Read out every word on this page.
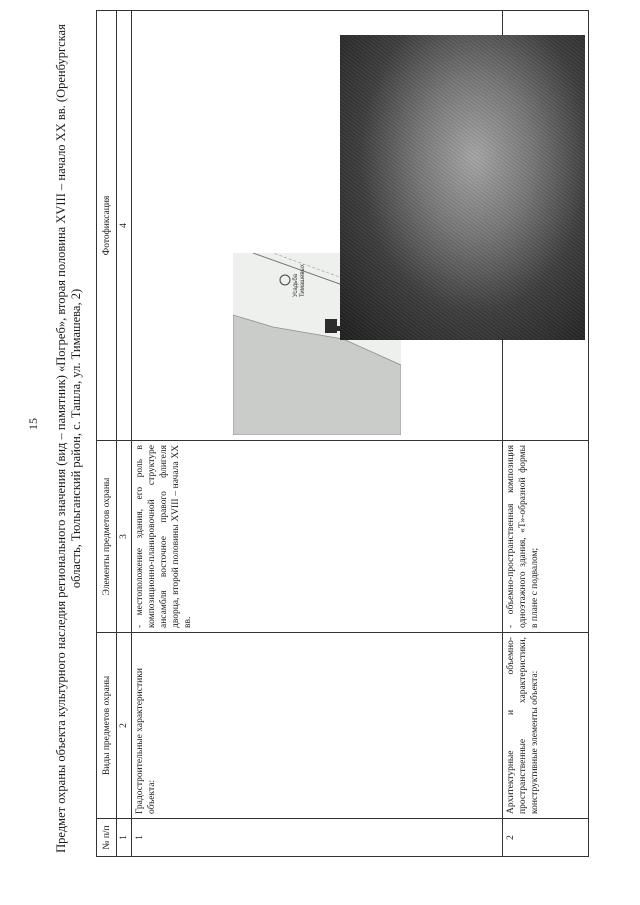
15 Предмет охраны объекта культурного наследия регионального значения (вид – памятник) «Погреб», вторая половина XVIII – начало XX вв. (Оренбургская область, Тюльганский район, с. Ташла, ул. Тимашева, 2)
№ п/п	Виды предметов охраны	Элементы предметов охраны	Фотофиксация
1	2	3	4
1	Градостроительные характеристики объекта:	- местоположение здания, его роль в композиционно-планировочной структуре ансамбля восточное правого флигеля дворца, второй половины XVIII – начала XX вв.	Усадьба Тимашевых

2	Архитектурные и объемно-пространственные характеристики, конструктивные элементы объекта:	- объемно-пространственная композиция одноэтажного здания, «Т»-образной формы в плане с подвалом;	
